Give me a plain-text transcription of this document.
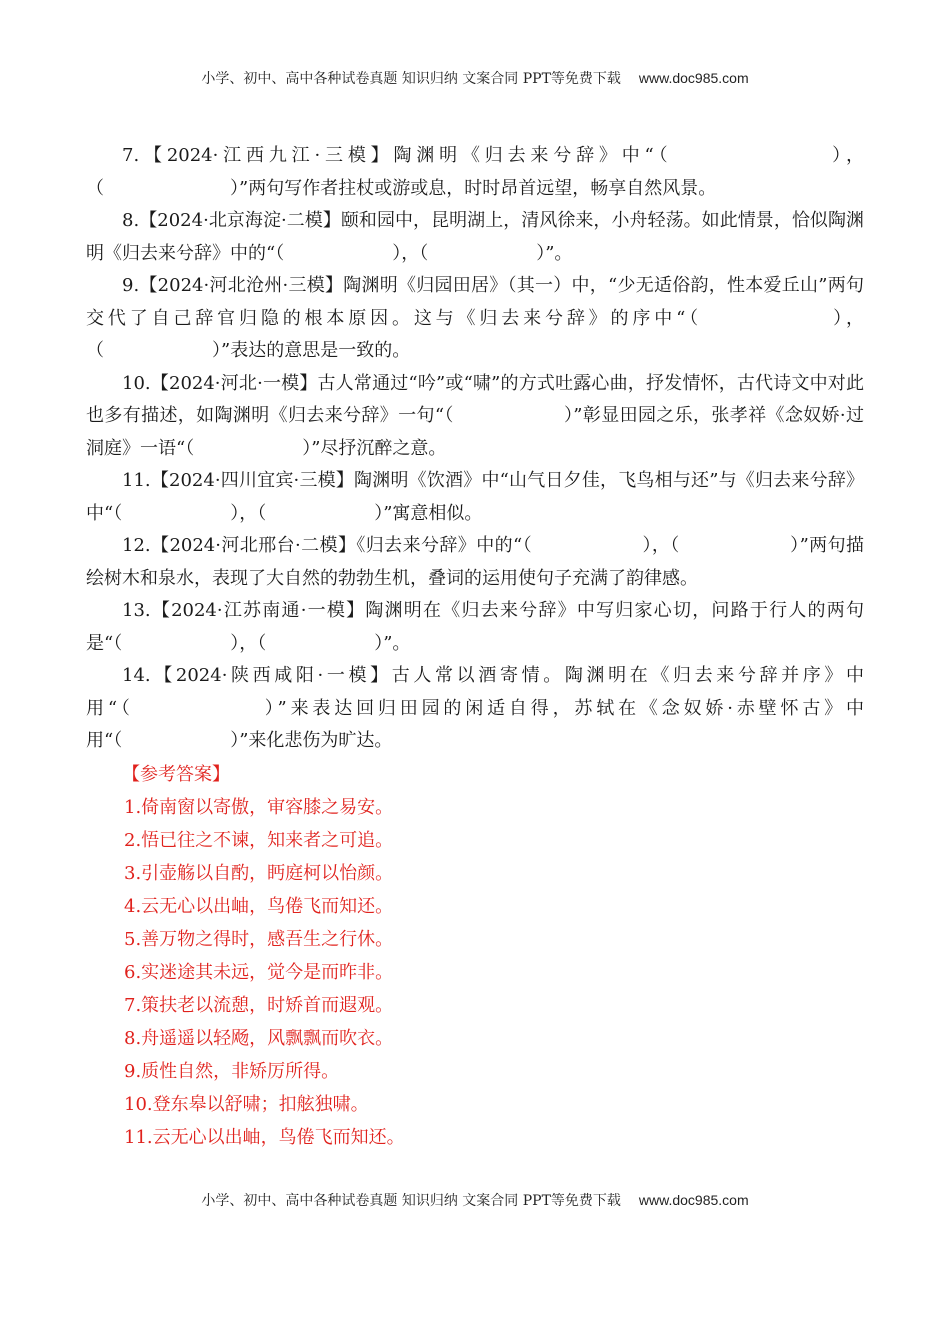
小学、初中、高中各种试卷真题 知识归纳 文案合同 PPT等免费下载 www.doc985.com

7.【2024·江西九江·三模】陶渊明《归去来兮辞》中“（　　　　　　　），（　　　　　　　）”两句写作者拄杖或游或息，时时昂首远望，畅享自然风景。

8.【2024·北京海淀·二模】颐和园中，昆明湖上，清风徐来，小舟轻荡。如此情景，恰似陶渊明《归去来兮辞》中的“（　　　　　　），（　　　　　　）”。

9.【2024·河北沧州·三模】陶渊明《归园田居》（其一）中，“少无适俗韵，性本爱丘山”两句交代了自己辞官归隐的根本原因。这与《归去来兮辞》的序中“（　　　　　　），（　　　　　　）”表达的意思是一致的。

10.【2024·河北·一模】古人常通过“吟”或“啸”的方式吐露心曲，抒发情怀，古代诗文中对此也多有描述，如陶渊明《归去来兮辞》一句“（　　　　　　）”彰显田园之乐，张孝祥《念奴娇·过洞庭》一语“（　　　　　　）”尽抒沉醉之意。

11.【2024·四川宜宾·三模】陶渊明《饮酒》中“山气日夕佳，飞鸟相与还”与《归去来兮辞》中“（　　　　　　），（　　　　　　）”寓意相似。

12.【2024·河北邢台·二模】《归去来兮辞》中的“（　　　　　　），（　　　　　　）”两句描绘树木和泉水，表现了大自然的勃勃生机，叠词的运用使句子充满了韵律感。

13.【2024·江苏南通·一模】陶渊明在《归去来兮辞》中写归家心切，问路于行人的两句是“（　　　　　　），（　　　　　　）”。

14.【2024·陕西咸阳·一模】古人常以酒寄情。陶渊明在《归去来兮辞并序》中用“（　　　　　　）”来表达回归田园的闲适自得，苏轼在《念奴娇·赤壁怀古》中用“（　　　　　　）”来化悲伤为旷达。

【参考答案】

1.倚南窗以寄傲，审容膝之易安。

2.悟已往之不谏，知来者之可追。

3.引壶觞以自酌，眄庭柯以怡颜。

4.云无心以出岫，鸟倦飞而知还。

5.善万物之得时，感吾生之行休。

6.实迷途其未远，觉今是而昨非。

7.策扶老以流憩，时矫首而遐观。

8.舟遥遥以轻飏，风飘飘而吹衣。

9.质性自然，非矫厉所得。

10.登东皋以舒啸；扣舷独啸。

11.云无心以出岫，鸟倦飞而知还。

小学、初中、高中各种试卷真题 知识归纳 文案合同 PPT等免费下载 www.doc985.com
